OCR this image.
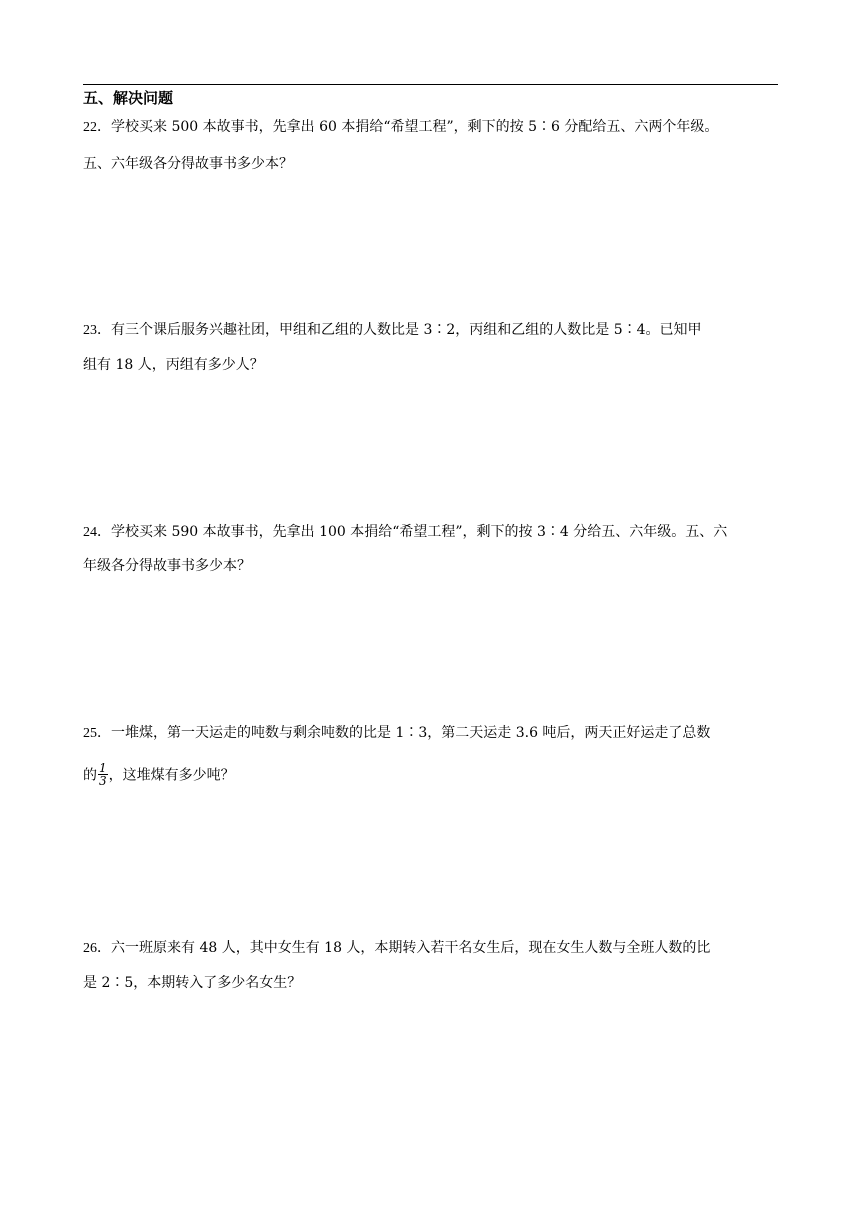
五、解决问题
22．学校买来 500 本故事书，先拿出 60 本捐给“希望工程”，剩下的按 5∶6 分配给五、六两个年级。
五、六年级各分得故事书多少本？
23．有三个课后服务兴趣社团，甲组和乙组的人数比是 3∶2，丙组和乙组的人数比是 5∶4。已知甲
组有 18 人，丙组有多少人？
24．学校买来 590 本故事书，先拿出 100 本捐给“希望工程”，剩下的按 3∶4 分给五、六年级。五、六
年级各分得故事书多少本？
25．一堆煤，第一天运走的吨数与剩余吨数的比是 1∶3，第二天运走 3.6 吨后，两天正好运走了总数
的 $\frac{1}{3}$ ，这堆煤有多少吨？
26．六一班原来有 48 人，其中女生有 18 人，本期转入若干名女生后，现在女生人数与全班人数的比
是 2∶5，本期转入了多少名女生？
